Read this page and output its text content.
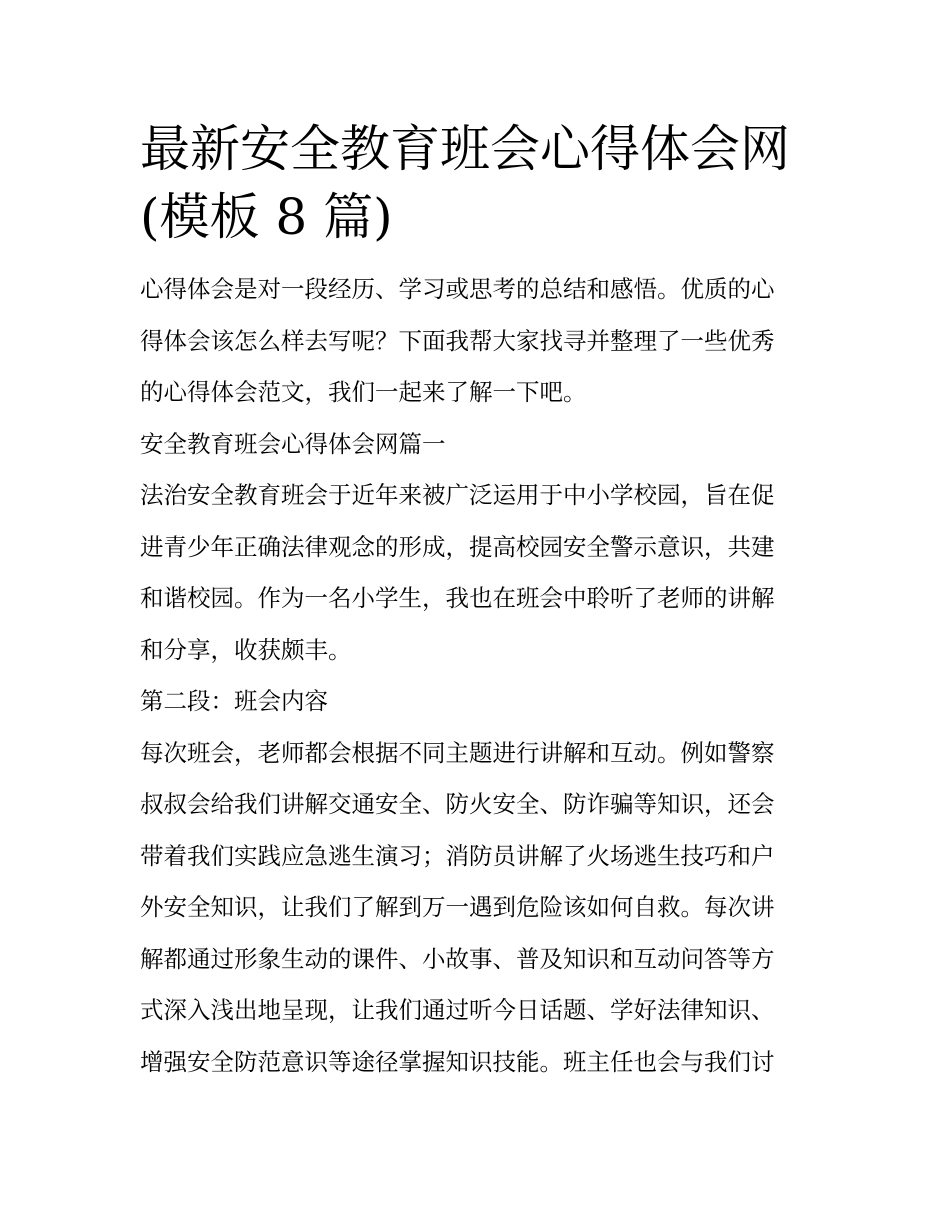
最新安全教育班会心得体会网
(模板 8 篇)
心得体会是对一段经历、学习或思考的总结和感悟。优质的心
得体会该怎么样去写呢？下面我帮大家找寻并整理了一些优秀
的心得体会范文，我们一起来了解一下吧。
安全教育班会心得体会网篇一
法治安全教育班会于近年来被广泛运用于中小学校园，旨在促
进青少年正确法律观念的形成，提高校园安全警示意识，共建
和谐校园。作为一名小学生，我也在班会中聆听了老师的讲解
和分享，收获颇丰。
第二段：班会内容
每次班会，老师都会根据不同主题进行讲解和互动。例如警察
叔叔会给我们讲解交通安全、防火安全、防诈骗等知识，还会
带着我们实践应急逃生演习；消防员讲解了火场逃生技巧和户
外安全知识，让我们了解到万一遇到危险该如何自救。每次讲
解都通过形象生动的课件、小故事、普及知识和互动问答等方
式深入浅出地呈现，让我们通过听今日话题、学好法律知识、
增强安全防范意识等途径掌握知识技能。班主任也会与我们讨
